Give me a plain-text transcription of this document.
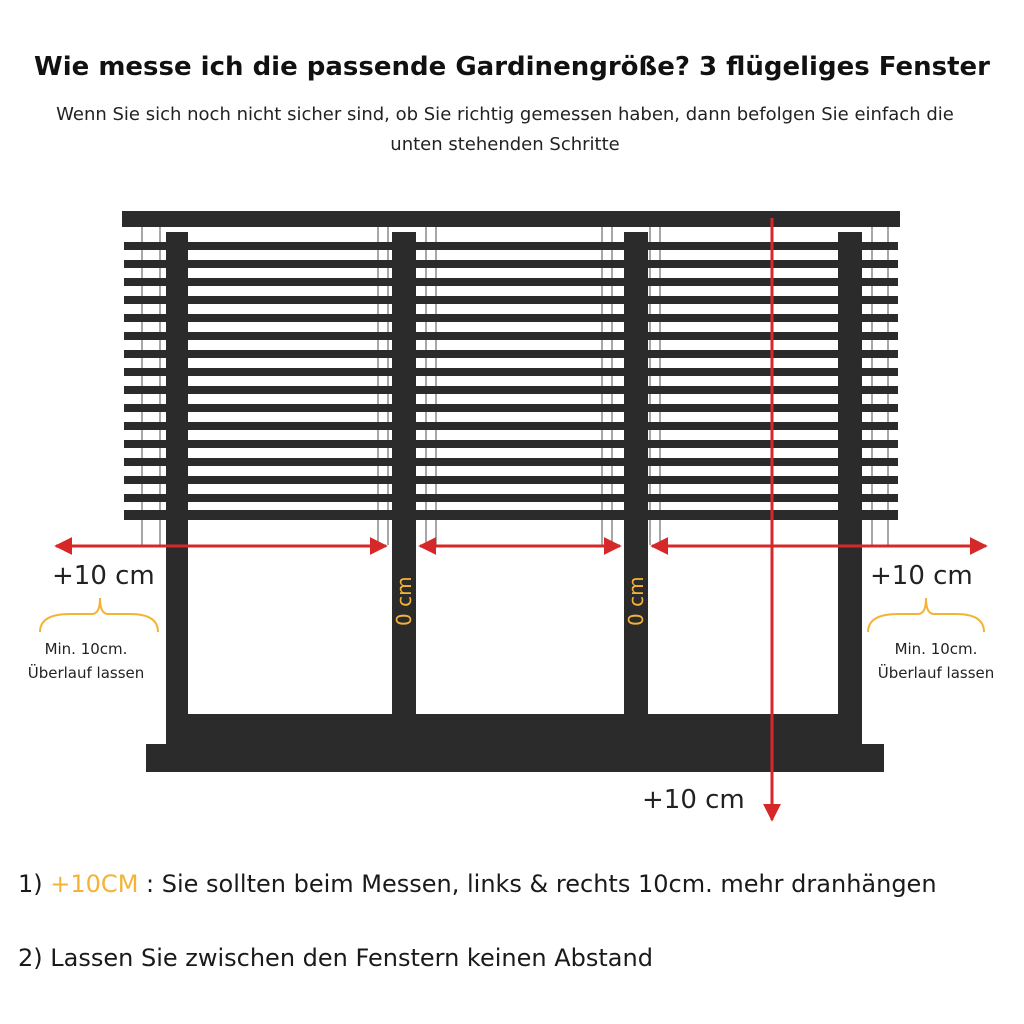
Wie messe ich die passende Gardinengröße? 3 flügeliges Fenster
Wenn Sie sich noch nicht sicher sind, ob Sie richtig gemessen haben, dann befolgen Sie einfach die unten stehenden Schritte
+10 cm	+10 cm
+10 cm
0 cm	0 cm
Min. 10cm.
Überlauf lassen
Min. 10cm.
Überlauf lassen
1) +10CM : Sie sollten beim Messen, links & rechts 10cm. mehr dranhängen
2) Lassen Sie zwischen den Fenstern keinen Abstand
